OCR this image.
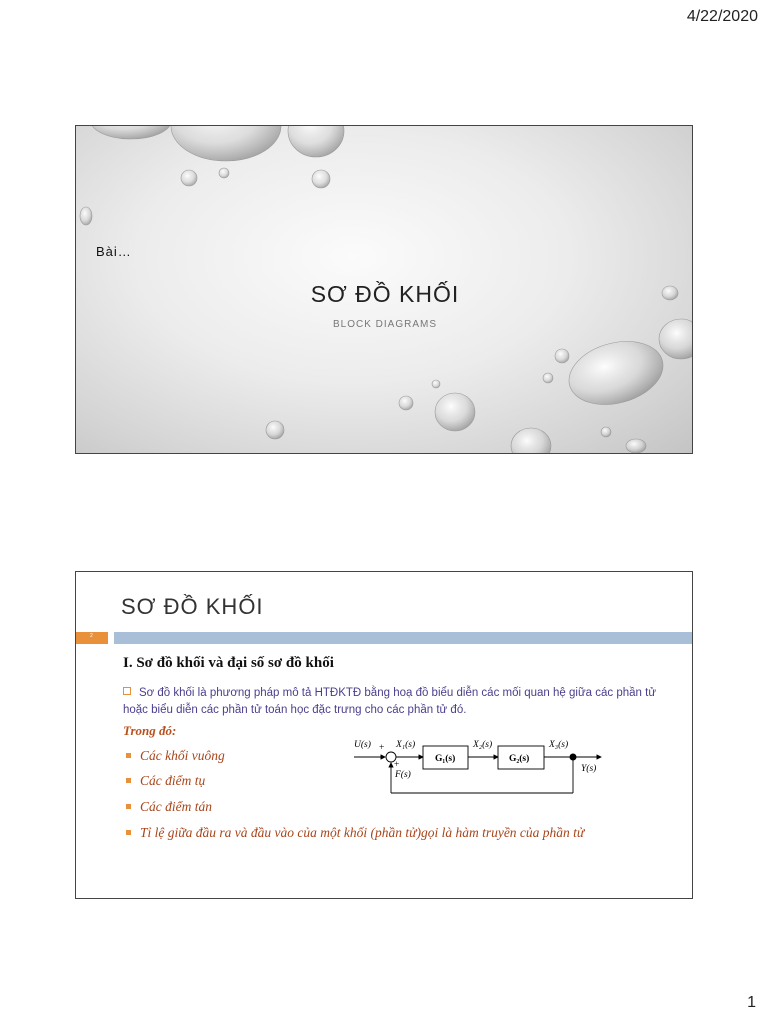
4/22/2020
Bài…
SƠ ĐỒ KHỐI
BLOCK DIAGRAMS
SƠ ĐỒ KHỐI
2
I. Sơ đồ khối và đại số sơ đồ khối
Sơ đồ khối là phương pháp mô tả HTĐKTĐ bằng hoạ đồ biểu diễn các mối quan hệ giữa các phần tử hoặc biểu diễn các phần tử toán học đặc trưng cho các phần tử đó.
Trong đó:
Các khối vuông
Các điểm tụ
Các điểm tán
Tỉ lệ giữa đầu ra và đầu vào của một khối (phần tử)gọi là hàm truyền của phần tử
U(s) +
+
X₁(s)	X₂(s)	X₃(s)
G₁(s)	G₂(s)
F(s)
Y(s)
1
